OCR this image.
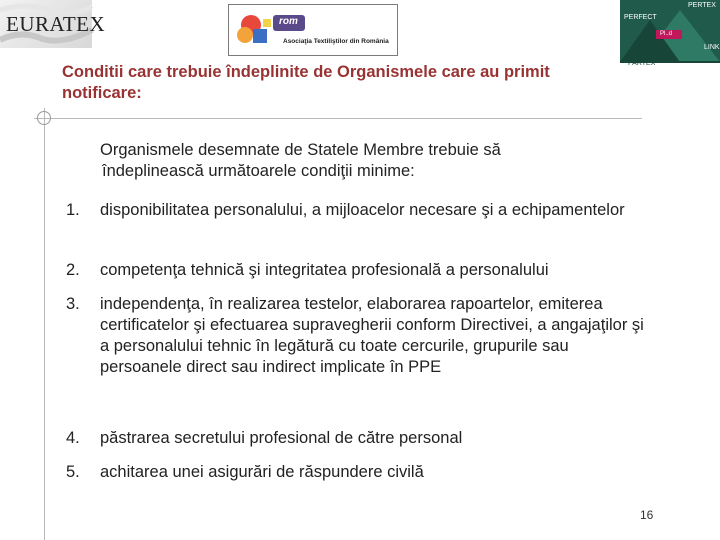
EURATEX	rom
Asociaţia Textiliştilor din România
PERTEX
PERFECT
Pl..d
LINK
PARTEX
Conditii care trebuie îndeplinite de Organismele care au primit notificare:
Organismele desemnate de Statele Membre trebuie să

îndeplinească următoarele condiţii minime:
1. disponibilitatea personalului, a mijloacelor necesare şi a echipamentelor
2. competenţa tehnică şi integritatea profesională a personalului
3. independenţa, în realizarea testelor, elaborarea rapoartelor, emiterea certificatelor şi efectuarea supravegherii conform Directivei, a angajaţilor şi a personalului tehnic în legătură cu toate cercurile, grupurile sau persoanele direct sau indirect implicate în PPE
4. păstrarea secretului profesional de către personal
5. achitarea unei asigurări de răspundere civilă
16
